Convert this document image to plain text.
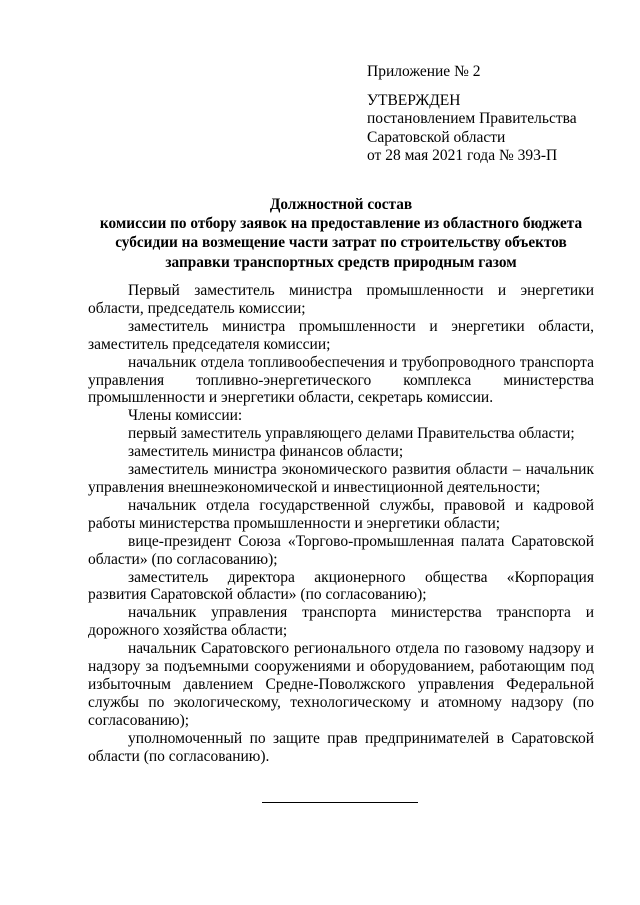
Приложение № 2
УТВЕРЖДЕН
постановлением Правительства
Саратовской области
от 28 мая 2021 года № 393-П
Должностной состав
комиссии по отбору заявок на предоставление из областного бюджета
субсидии на возмещение части затрат по строительству объектов
заправки транспортных средств природным газом

Первый заместитель министра промышленности и энергетики области, председатель комиссии;

заместитель министра промышленности и энергетики области, заместитель председателя комиссии;

начальник отдела топливообеспечения и трубопроводного транспорта управления топливно-энергетического комплекса министерства промышленности и энергетики области, секретарь комиссии.

Члены комиссии:

первый заместитель управляющего делами Правительства области;

заместитель министра финансов области;

заместитель министра экономического развития области – начальник управления внешнеэкономической и инвестиционной деятельности;

начальник отдела государственной службы, правовой и кадровой работы министерства промышленности и энергетики области;

вице-президент Союза «Торгово-промышленная палата Саратовской области» (по согласованию);

заместитель директора акционерного общества «Корпорация развития Саратовской области» (по согласованию);

начальник управления транспорта министерства транспорта и дорожного хозяйства области;

начальник Саратовского регионального отдела по газовому надзору и надзору за подъемными сооружениями и оборудованием, работающим под избыточным давлением Средне-Поволжского управления Федеральной службы по экологическому, технологическому и атомному надзору (по согласованию);

уполномоченный по защите прав предпринимателей в Саратовской области (по согласованию).
